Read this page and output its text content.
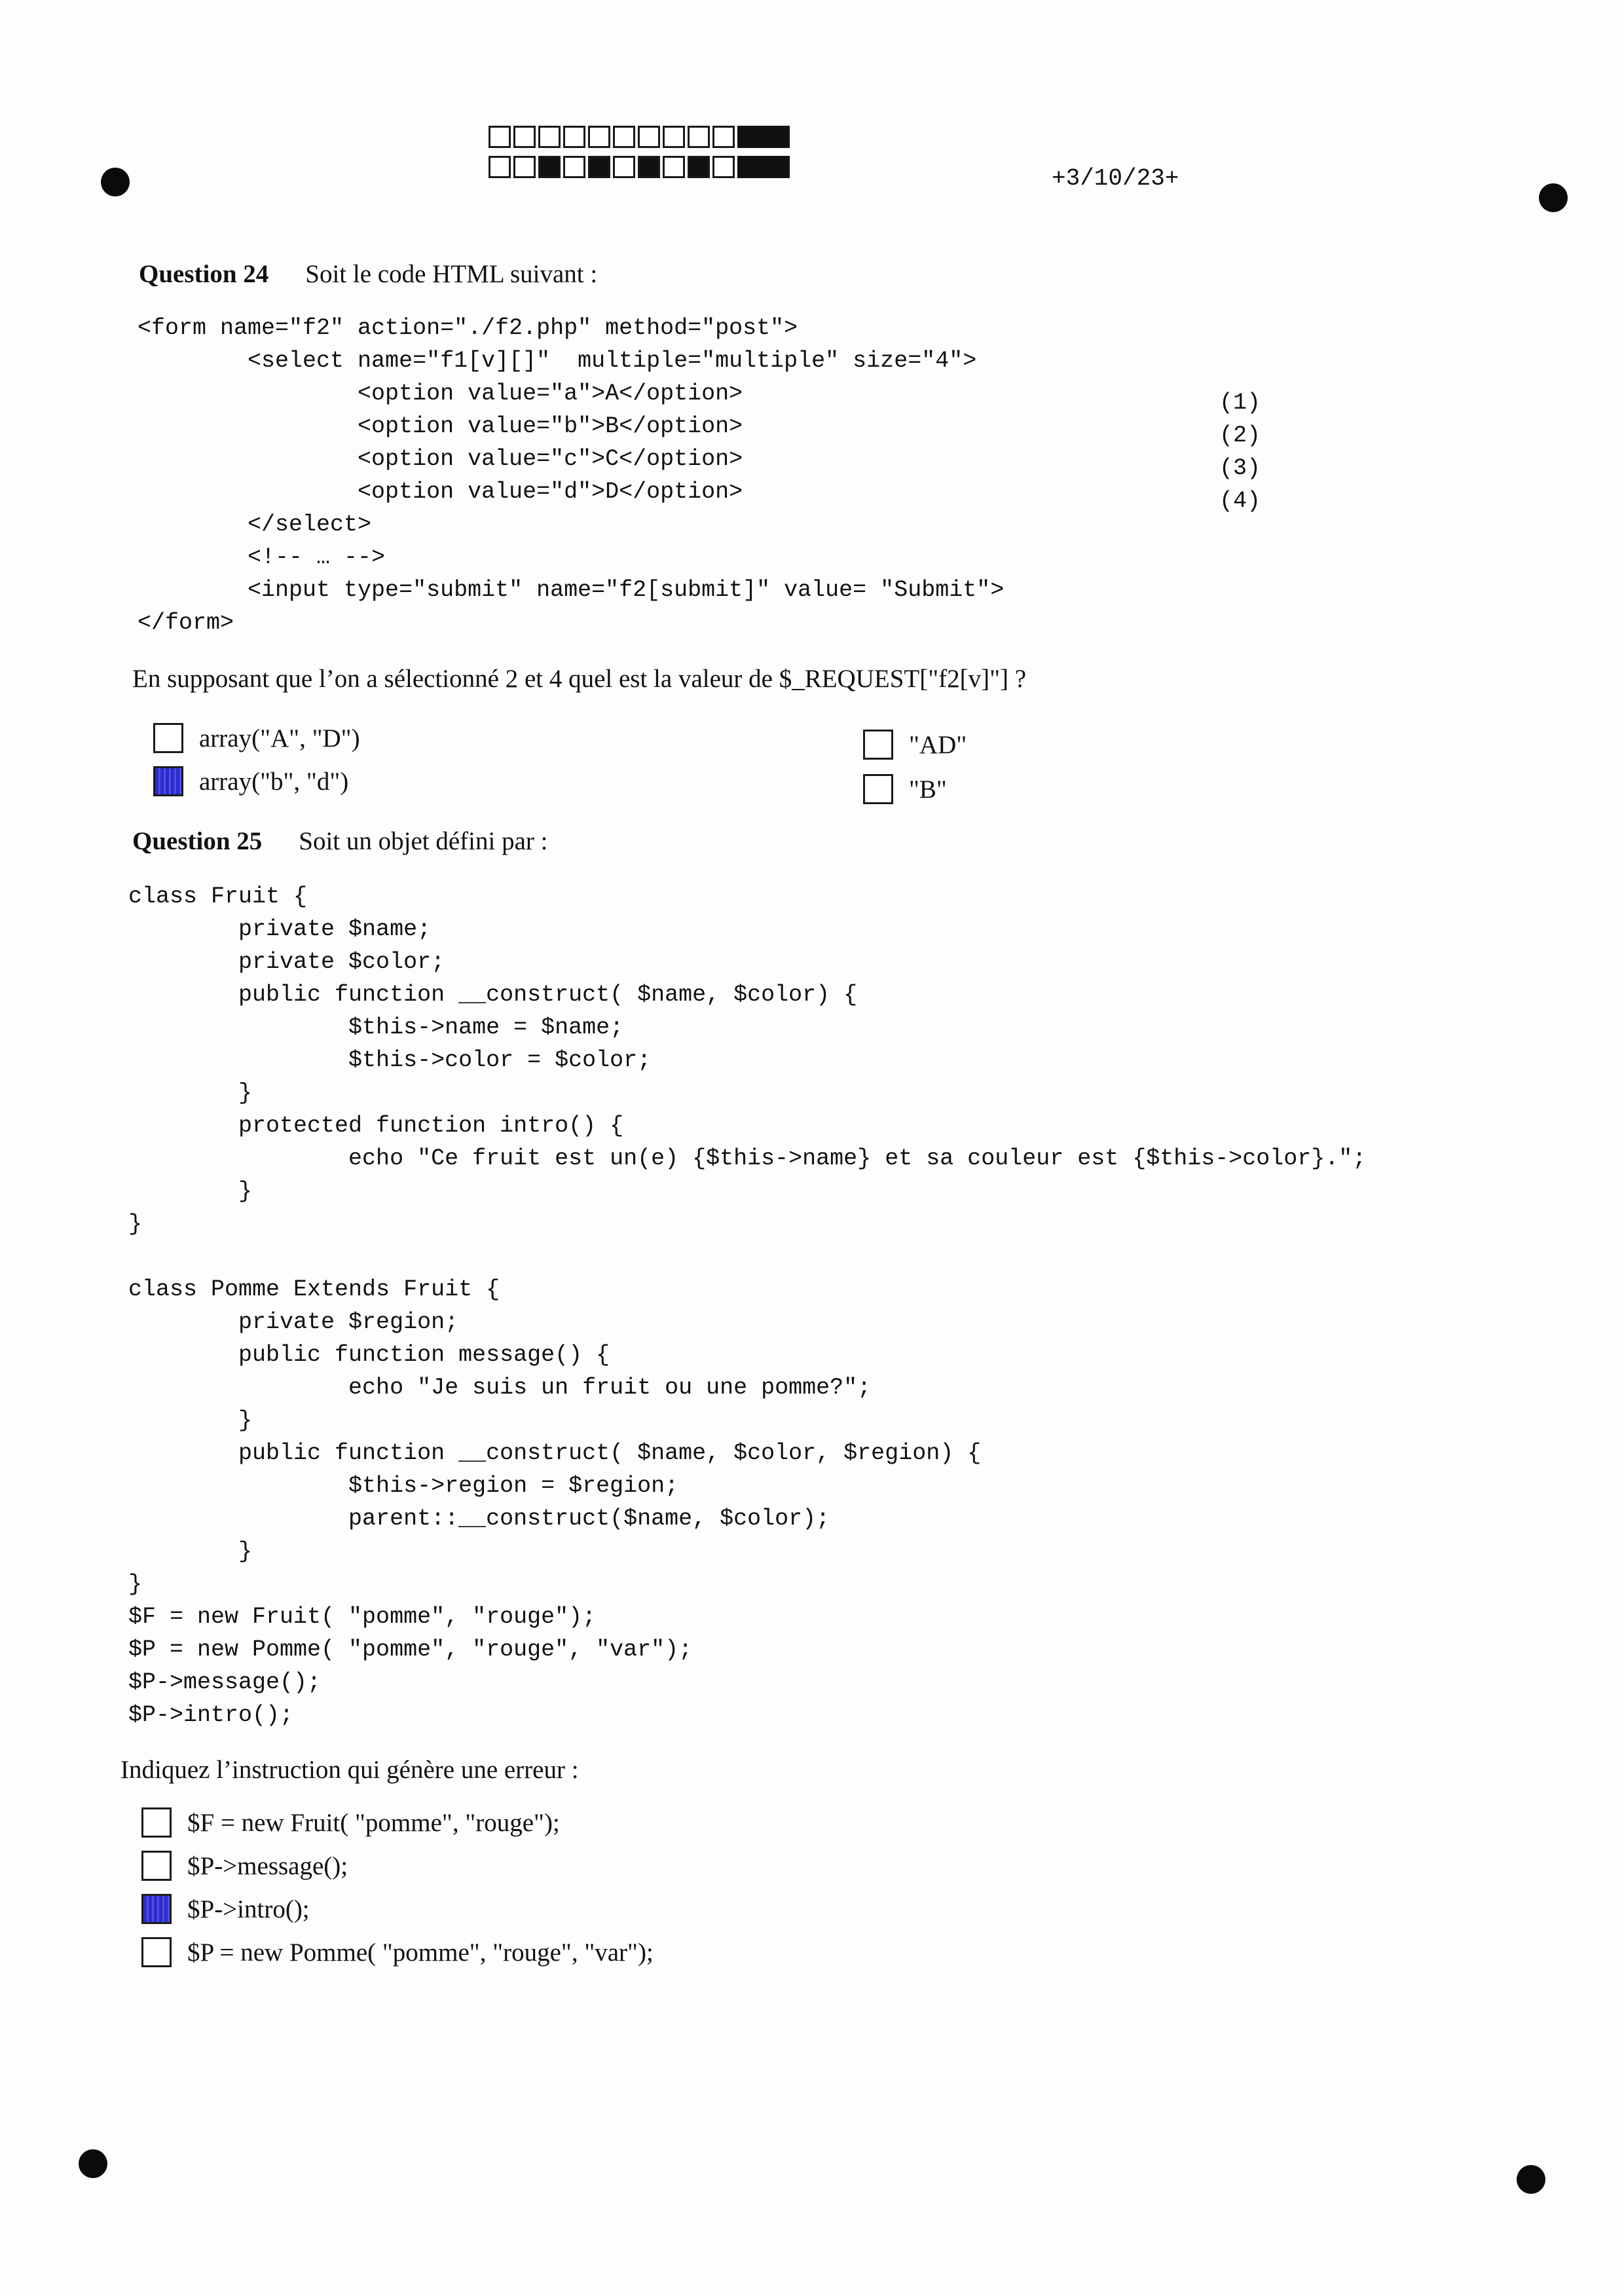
+3/10/23+
Question 24 Soit le code HTML suivant :
<form name="f2" action="./f2.php" method="post">
<select name="f1[v][]"  multiple="multiple" size="4">
<option value="a">A</option>
<option value="b">B</option>
<option value="c">C</option>
<option value="d">D</option>
</select>
<!-- … -->
<input type="submit" name="f2[submit]" value= "Submit">
</form>
(1)
(2)
(3)
(4)
En supposant que l’on a sélectionné 2 et 4 quel est la valeur de $_REQUEST["f2[v]"] ?
array("A", "D")
array("b", "d")
"AD"
"B"
Question 25 Soit un objet défini par :
class Fruit {
private $name;
private $color;
public function __construct( $name, $color) {
$this->name = $name;
$this->color = $color;
}
protected function intro() {
echo "Ce fruit est un(e) {$this->name} et sa couleur est {$this->color}.";
}
}

class Pomme Extends Fruit {
private $region;
public function message() {
echo "Je suis un fruit ou une pomme?";
}
public function __construct( $name, $color, $region) {
$this->region = $region;
parent::__construct($name, $color);
}
}
$F = new Fruit( "pomme", "rouge");
$P = new Pomme( "pomme", "rouge", "var");
$P->message();
$P->intro();
Indiquez l’instruction qui génère une erreur :
$F = new Fruit( "pomme", "rouge");
$P->message();
$P->intro();
$P = new Pomme( "pomme", "rouge", "var");
